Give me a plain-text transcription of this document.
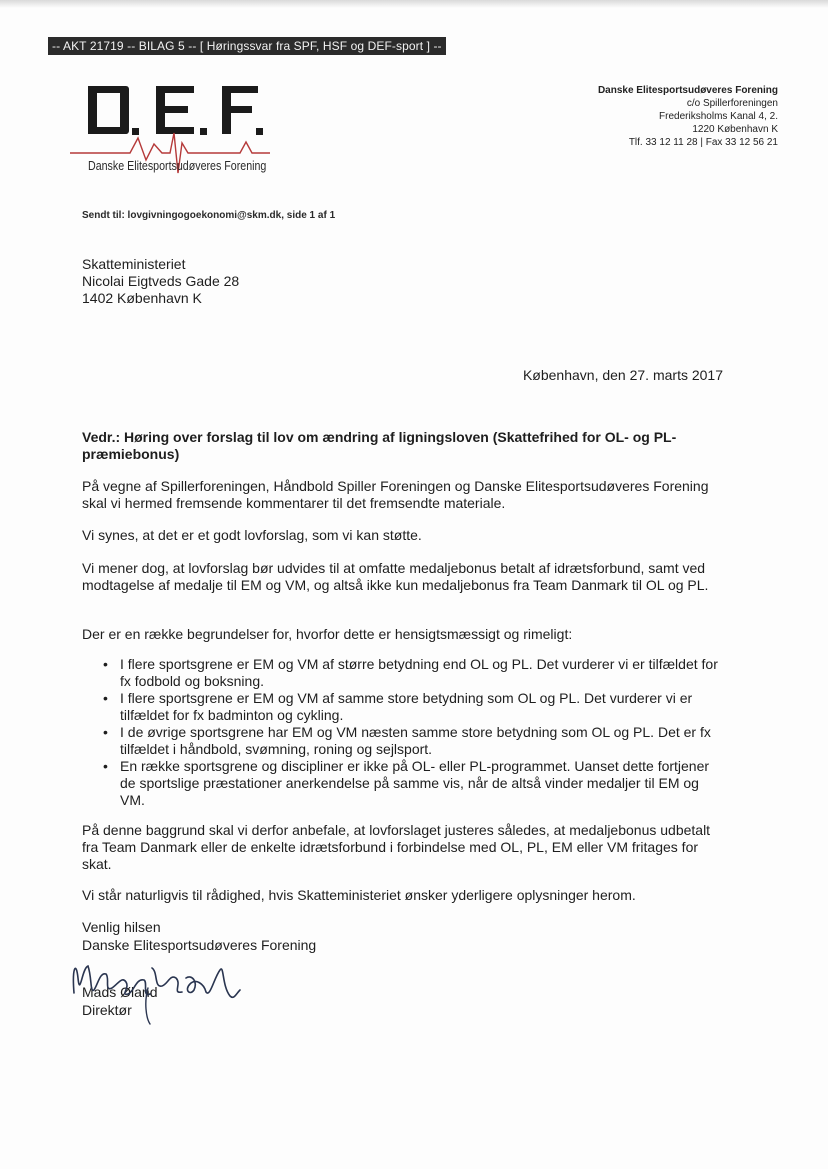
-- AKT 21719 -- BILAG 5 -- [ Høringssvar fra SPF, HSF og DEF-sport ] --
Danske Elitesportsudøveres Forening
Danske Elitesportsudøveres Forening
c/o Spillerforeningen
Frederiksholms Kanal 4, 2.
1220 København K
Tlf. 33 12 11 28 | Fax 33 12 56 21
Sendt til: lovgivningogoekonomi@skm.dk, side 1 af 1
Skatteministeriet
Nicolai Eigtveds Gade 28
1402 København K
København, den 27. marts 2017
Vedr.: Høring over forslag til lov om ændring af ligningsloven (Skattefrihed for OL- og PL-præmiebonus)

På vegne af Spillerforeningen, Håndbold Spiller Foreningen og Danske Elitesportsudøveres Forening skal vi hermed fremsende kommentarer til det fremsendte materiale.

Vi synes, at det er et godt lovforslag, som vi kan støtte.

Vi mener dog, at lovforslag bør udvides til at omfatte medaljebonus betalt af idrætsforbund, samt ved modtagelse af medalje til EM og VM, og altså ikke kun medaljebonus fra Team Danmark til OL og PL.

Der er en række begrundelser for, hvorfor dette er hensigtsmæssigt og rimeligt:

• I flere sportsgrene er EM og VM af større betydning end OL og PL. Det vurderer vi er tilfældet for fx fodbold og boksning.
• I flere sportsgrene er EM og VM af samme store betydning som OL og PL. Det vurderer vi er tilfældet for fx badminton og cykling.
• I de øvrige sportsgrene har EM og VM næsten samme store betydning som OL og PL. Det er fx tilfældet i håndbold, svømning, roning og sejlsport.
• En række sportsgrene og discipliner er ikke på OL- eller PL-programmet. Uanset dette fortjener de sportslige præstationer anerkendelse på samme vis, når de altså vinder medaljer til EM og VM.

På denne baggrund skal vi derfor anbefale, at lovforslaget justeres således, at medaljebonus udbetalt fra Team Danmark eller de enkelte idrætsforbund i forbindelse med OL, PL, EM eller VM fritages for skat.

Vi står naturligvis til rådighed, hvis Skatteministeriet ønsker yderligere oplysninger herom.

Venlig hilsen
Danske Elitesportsudøveres Forening
Mads Øland
Direktør
